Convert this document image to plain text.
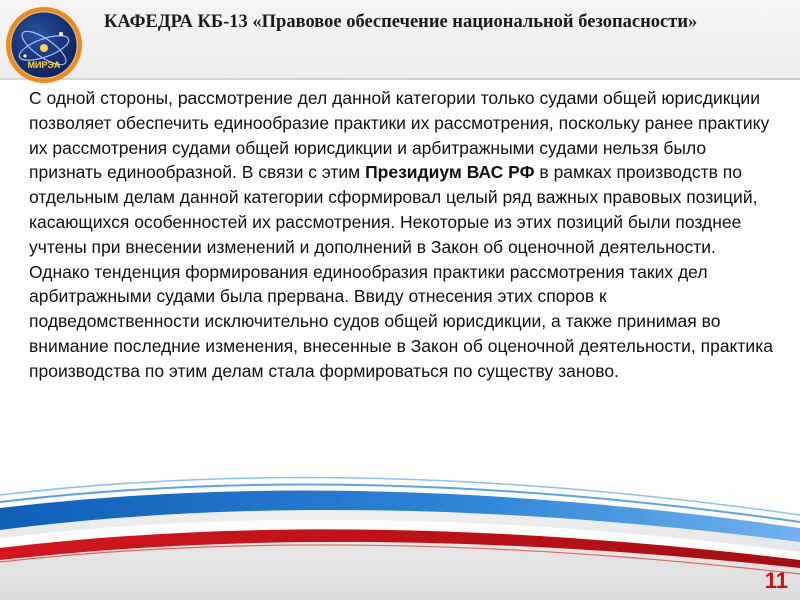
МИРЭА
КАФЕДРА КБ-13 «Правовое обеспечение национальной безопасности»

С одной стороны, рассмотрение дел данной категории только судами общей юрисдикции позволяет обеспечить единообразие практики их рассмотрения, поскольку ранее практику их рассмотрения судами общей юрисдикции и арбитражными судами нельзя было признать единообразной. В связи с этим Президиум ВАС РФ в рамках производств по отдельным делам данной категории сформировал целый ряд важных правовых позиций, касающихся особенностей их рассмотрения. Некоторые из этих позиций были позднее учтены при внесении изменений и дополнений в Закон об оценочной деятельности. Однако тенденция формирования единообразия практики рассмотрения таких дел арбитражными судами была прервана. Ввиду отнесения этих споров к подведомственности исключительно судов общей юрисдикции, а также принимая во внимание последние изменения, внесенные в Закон об оценочной деятельности, практика производства по этим делам стала формироваться по существу заново.

11
